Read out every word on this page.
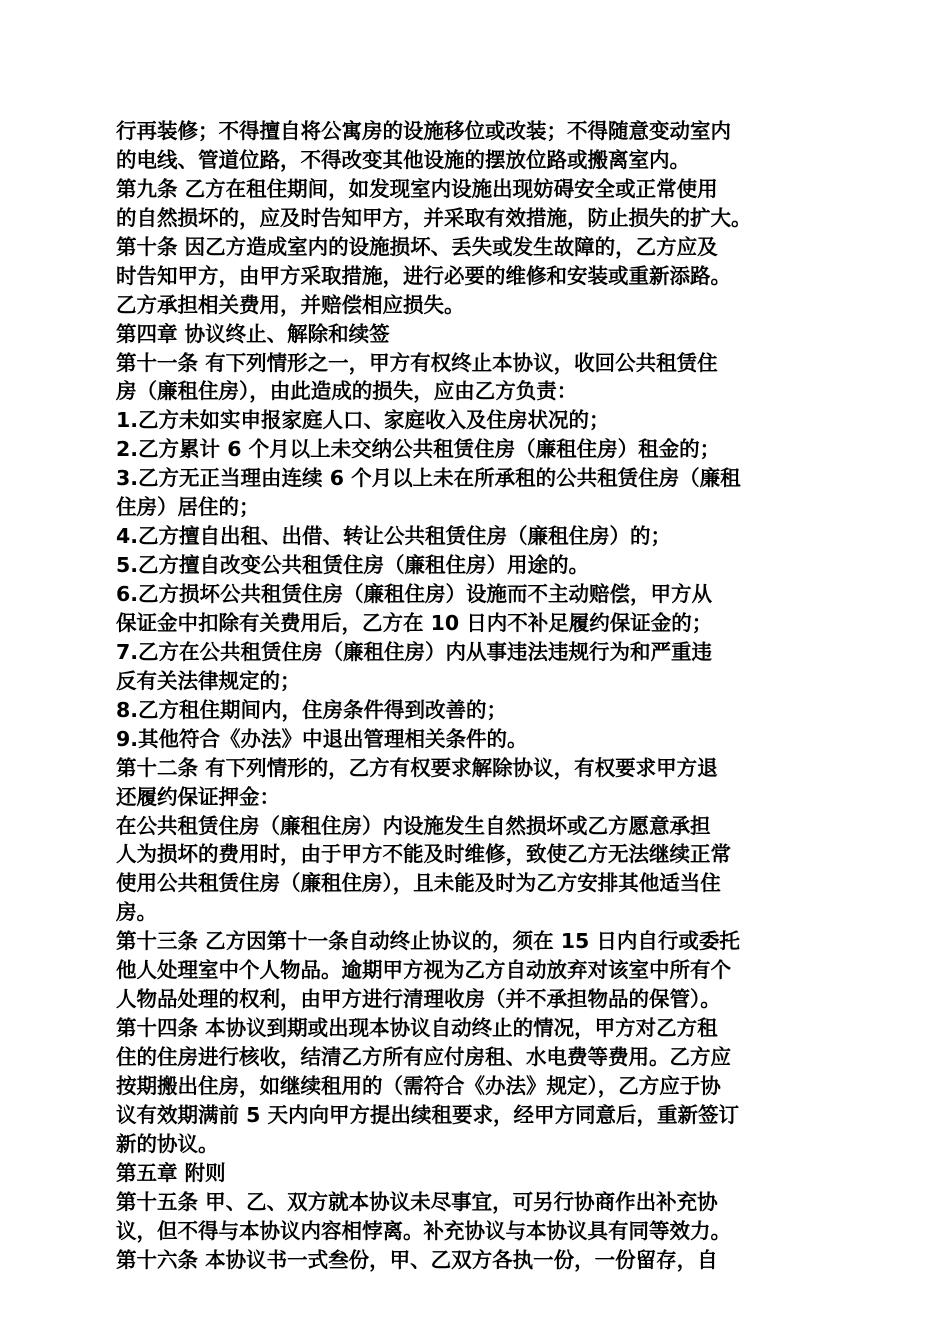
行再装修；不得擅自将公寓房的设施移位或改装；不得随意变动室内
的电线、管道位路，不得改变其他设施的摆放位路或搬离室内。
第九条 乙方在租住期间，如发现室内设施出现妨碍安全或正常使用
的自然损坏的，应及时告知甲方，并采取有效措施，防止损失的扩大。
第十条 因乙方造成室内的设施损坏、丢失或发生故障的，乙方应及
时告知甲方，由甲方采取措施，进行必要的维修和安装或重新添路。
乙方承担相关费用，并赔偿相应损失。
第四章 协议终止、解除和续签
第十一条 有下列情形之一，甲方有权终止本协议，收回公共租赁住
房（廉租住房），由此造成的损失，应由乙方负责：
1.乙方未如实申报家庭人口、家庭收入及住房状况的；
2.乙方累计 6 个月以上未交纳公共租赁住房（廉租住房）租金的；
3.乙方无正当理由连续 6 个月以上未在所承租的公共租赁住房（廉租
住房）居住的；
4.乙方擅自出租、出借、转让公共租赁住房（廉租住房）的；
5.乙方擅自改变公共租赁住房（廉租住房）用途的。
6.乙方损坏公共租赁住房（廉租住房）设施而不主动赔偿，甲方从
保证金中扣除有关费用后，乙方在 10 日内不补足履约保证金的；
7.乙方在公共租赁住房（廉租住房）内从事违法违规行为和严重违
反有关法律规定的；
8.乙方租住期间内，住房条件得到改善的；
9.其他符合《办法》中退出管理相关条件的。
第十二条 有下列情形的，乙方有权要求解除协议，有权要求甲方退
还履约保证押金：
在公共租赁住房（廉租住房）内设施发生自然损坏或乙方愿意承担
人为损坏的费用时，由于甲方不能及时维修，致使乙方无法继续正常
使用公共租赁住房（廉租住房），且未能及时为乙方安排其他适当住
房。
第十三条 乙方因第十一条自动终止协议的，须在 15 日内自行或委托
他人处理室中个人物品。逾期甲方视为乙方自动放弃对该室中所有个
人物品处理的权利，由甲方进行清理收房（并不承担物品的保管）。
第十四条 本协议到期或出现本协议自动终止的情况，甲方对乙方租
住的住房进行核收，结清乙方所有应付房租、水电费等费用。乙方应
按期搬出住房，如继续租用的（需符合《办法》规定），乙方应于协
议有效期满前 5 天内向甲方提出续租要求，经甲方同意后，重新签订
新的协议。
第五章 附则
第十五条 甲、乙、双方就本协议未尽事宜，可另行协商作出补充协
议，但不得与本协议内容相悖离。补充协议与本协议具有同等效力。
第十六条 本协议书一式叁份，甲、乙双方各执一份，一份留存，自
